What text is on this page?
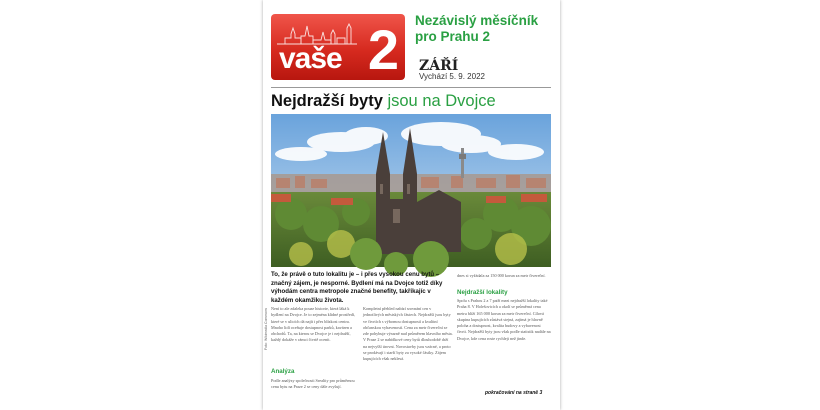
vaše 2 Nezávislý měsíčník pro Prahu 2
ZÁŘÍ
Vychází 5. 9. 2022
Nejdražší byty jsou na Dvojce
Foto: Wikimedia Commons
To, že právě o tuto lokalitu je – i přes vysokou cenu bytů – značný zájem, je nesporné. Bydlení má na Dvojce totiž díky výhodám centra metropole značné benefity, takříkajíc v každém okamžiku života.
Není to ale zdaleka pouze historie, která láká k bydlení na Dvojce. Je to zejména klidné prostředí, které se v ulicích dá najít i přes blízkost centra. Mnoho lidí oceňuje dostupnost parků, kaváren a obchodů. Ta, na kterou se Dvojce je i nejdražší, každý dokáže v rámci čtvrtě ocenit.
Analýza
Podle analýzy společnosti Sreality pro průměrnou cenu bytu na Praze 2 se ceny dále zvyšují.
Kompletní přehled nabízí srovnání cen v jednotlivých městských částech. Nejdražší jsou byty ve čtvrtích s výbornou dostupností a kvalitní občanskou vybaveností. Cena za metr čtvereční se zde pohybuje výrazně nad průměrem hlavního města. V Praze 2 se nabídkové ceny bytů dlouhodobě drží na nejvyšší úrovni. Novostavby jsou vzácné, a proto se prodávají i starší byty za vysoké částky. Zájem kupujících však neklesá.
dnes si vyžádala za 150 000 korun za metr čtvereční.
Nejdražší lokality
Spolu s Prahou 2 a 7 patří mezi nejdražší lokality také Praha 8. V Holešovicích a okolí se průměrná cena metru blíží 165 000 korun za metr čtvereční. Cílová skupina kupujících zůstává stejná, zajímá je hlavně poloha a dostupnost, kvalita budovy a vybavenost čtvrti. Nejdražší byty jsou však podle statistik nadále na Dvojce, kde cena roste rychleji než jinde.
pokračování na straně 3
